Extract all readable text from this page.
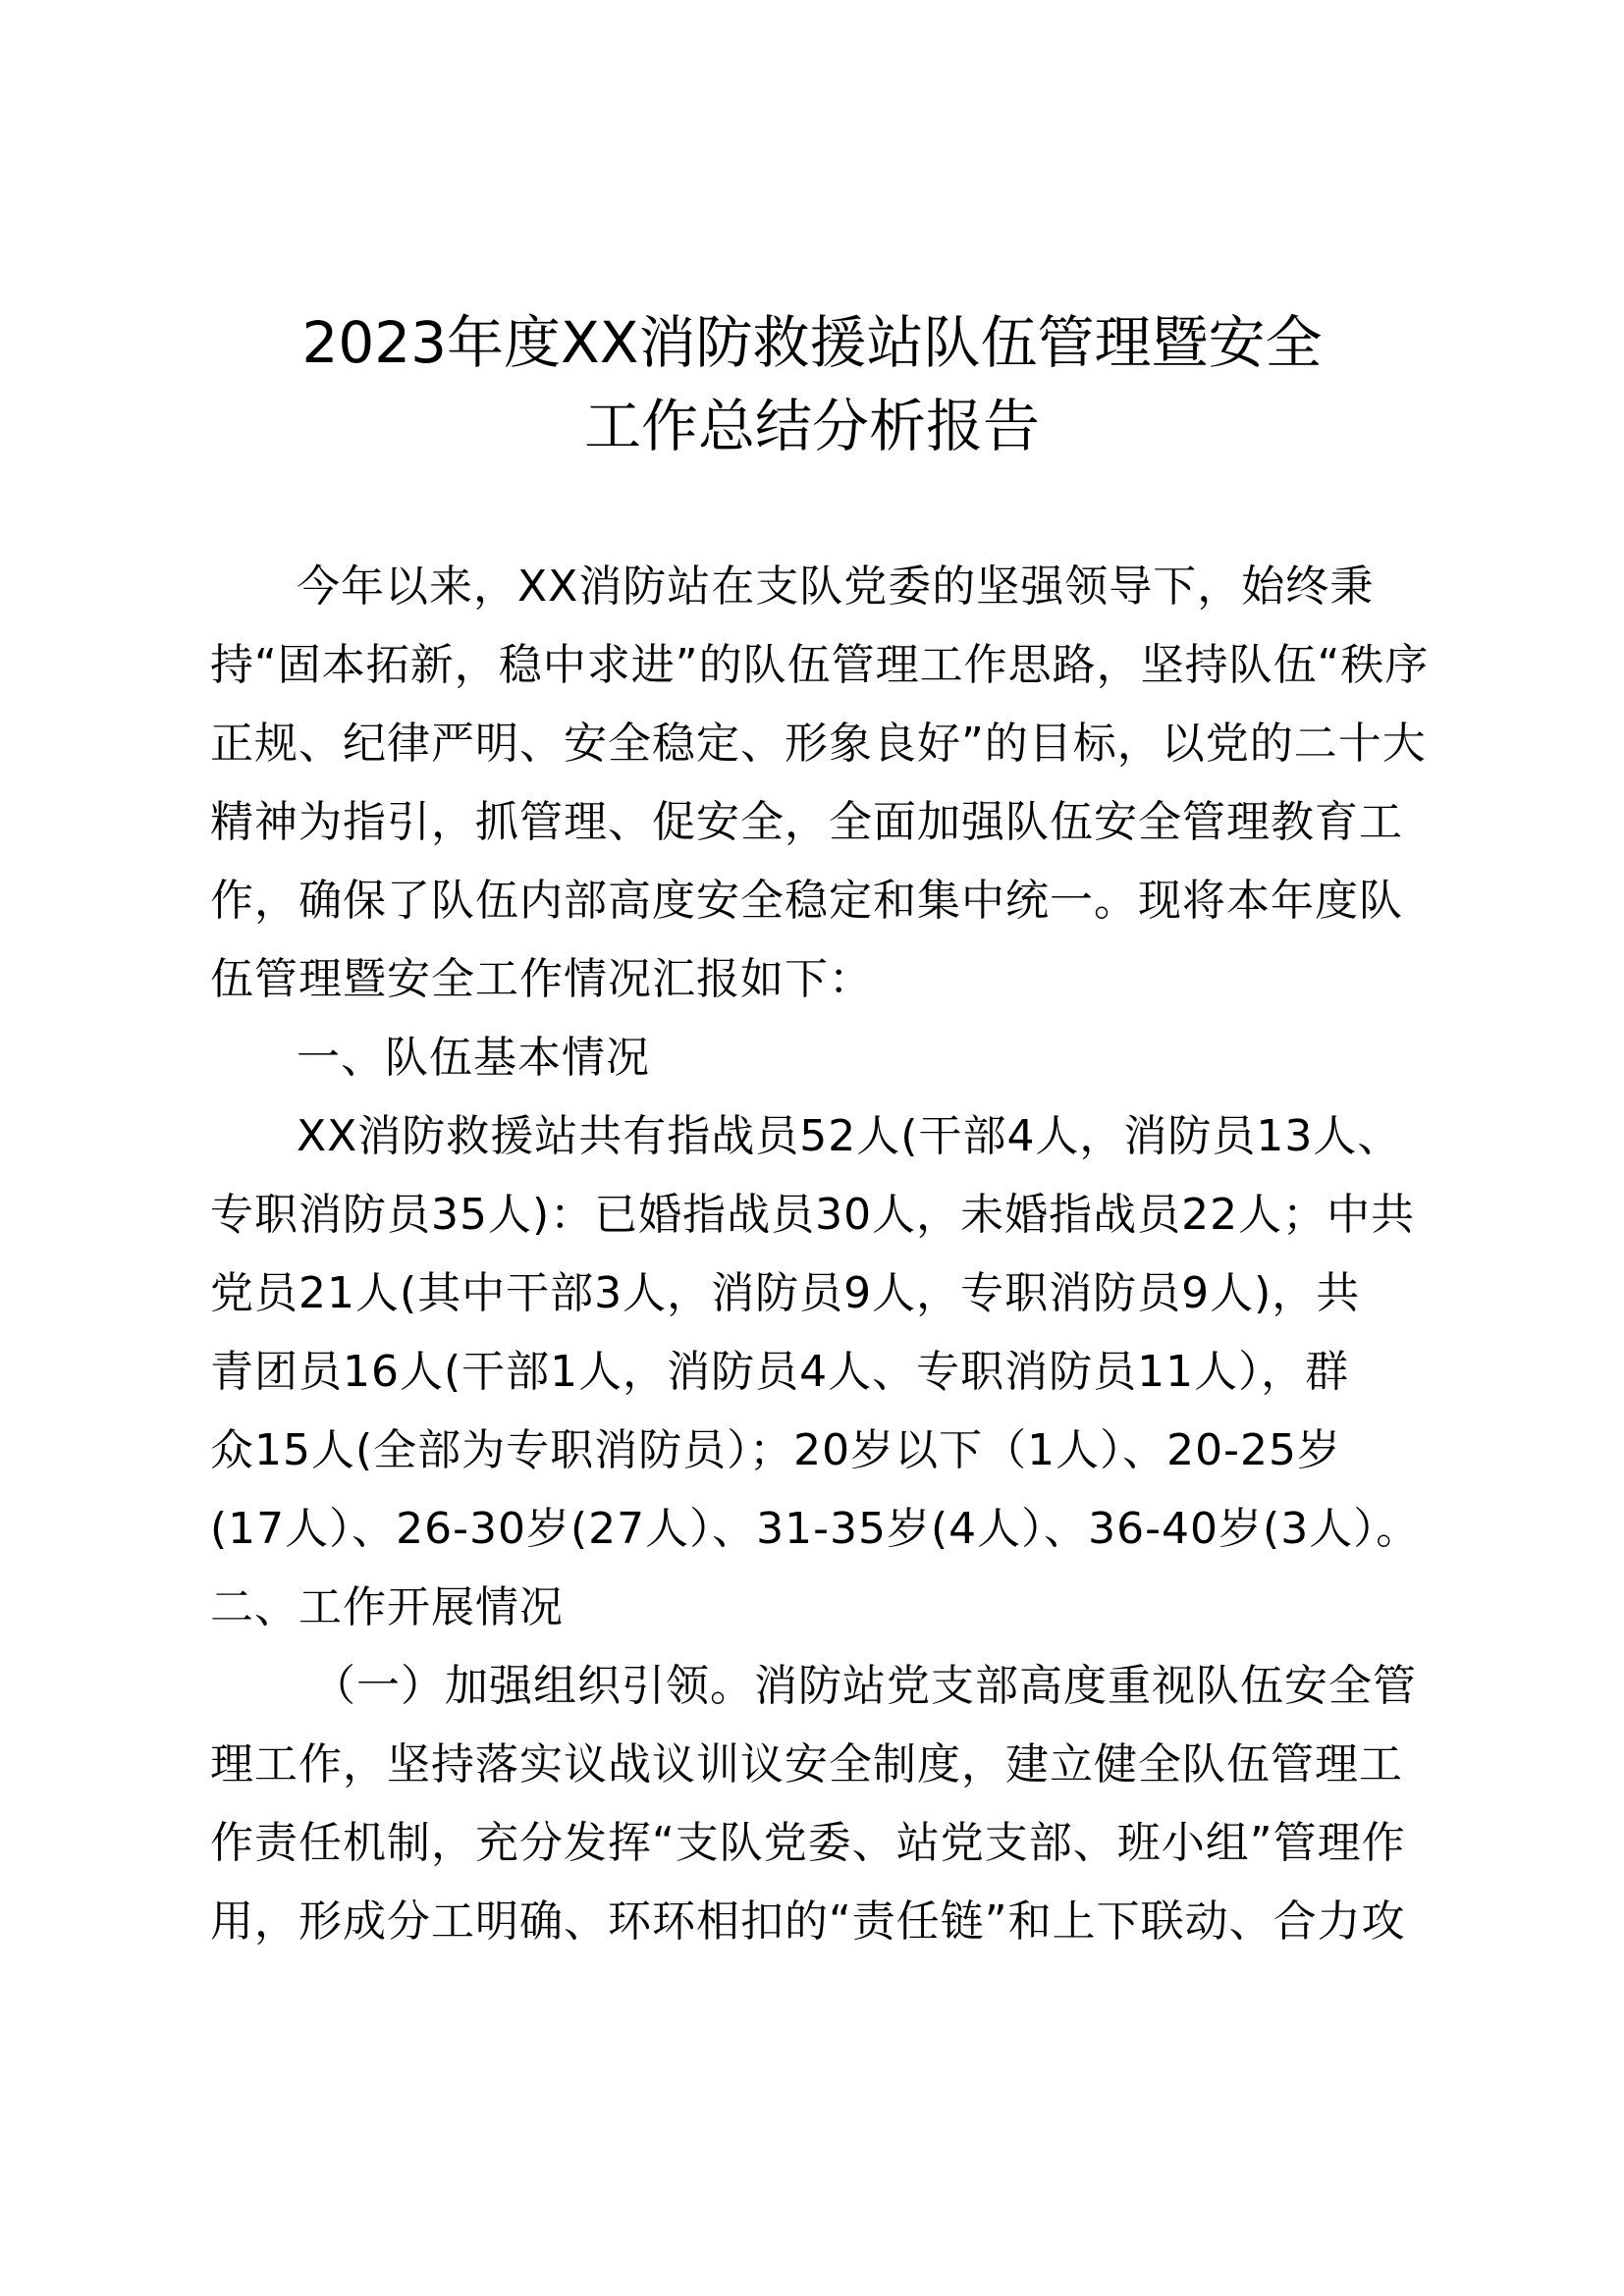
2023年度XX消防救援站队伍管理暨安全
工作总结分析报告
今年以来，XX消防站在支队党委的坚强领导下，始终秉
持“固本拓新，稳中求进”的队伍管理工作思路，坚持队伍“秩序
正规、纪律严明、安全稳定、形象良好”的目标，以党的二十大
精神为指引，抓管理、促安全，全面加强队伍安全管理教育工
作，确保了队伍内部高度安全稳定和集中统一。现将本年度队
伍管理暨安全工作情况汇报如下：
一、队伍基本情况
XX消防救援站共有指战员52人(干部4人，消防员13人、
专职消防员35人)：已婚指战员30人，未婚指战员22人；中共
党员21人(其中干部3人，消防员9人，专职消防员9人)，共
青团员16人(干部1人，消防员4人、专职消防员11人），群
众15人(全部为专职消防员）；20岁以下（1人）、20-25岁
(17人）、26-30岁(27人）、31-35岁(4人）、36-40岁(3人）。
二、工作开展情况
（一）加强组织引领。消防站党支部高度重视队伍安全管
理工作，坚持落实议战议训议安全制度，建立健全队伍管理工
作责任机制，充分发挥“支队党委、站党支部、班小组”管理作
用，形成分工明确、环环相扣的“责任链”和上下联动、合力攻
